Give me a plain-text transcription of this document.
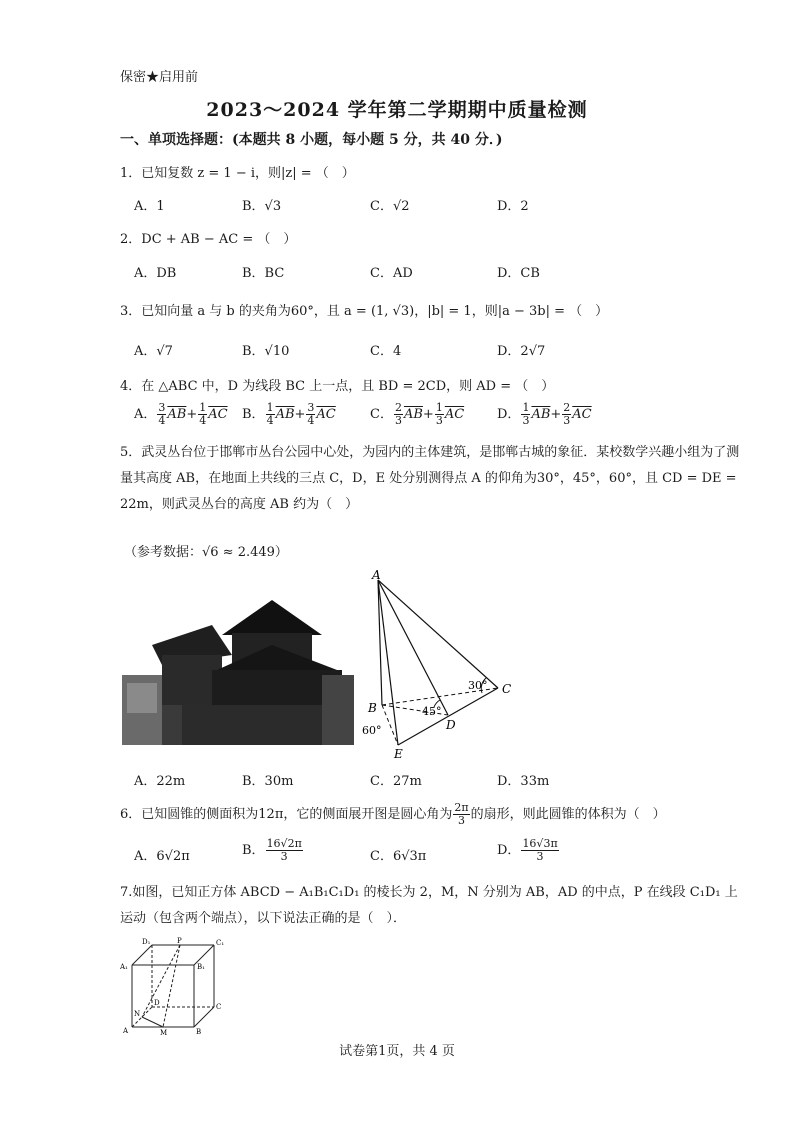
保密★启用前
2023～2024 学年第二学期期中质量检测
一、单项选择题：(本题共 8 小题，每小题 5 分，共 40 分．)
1．已知复数 z = 1 − i，则|z| = （　）
A．1	B．√3	C．√2	D．2
2．DC + AB − AC = （　）
A．DB	B．BC	C．AD	D．CB
3．已知向量 a 与 b 的夹角为60°，且 a = (1, √3)，|b| = 1，则|a − 3b| = （　）
A．√7	B．√10	C．4	D．2√7
4．在 △ABC 中，D 为线段 BC 上一点，且 BD = 2CD，则 AD = （　）
A． $\frac{3}{4} \overline{AB}+ \frac{1}{4} \overline{AC}$ B． $\frac{1}{4} \overline{AB}+ \frac{3}{4} \overline{AC}$	C． $\frac{2}{3} \overline{AB}+ \frac{1}{3} \overline{AC}$	D． $\frac{1}{3} \overline{AB}+ \frac{2}{3} \overline{AC}$
5．武灵丛台位于邯郸市丛台公园中心处，为园内的主体建筑，是邯郸古城的象征．某校数学兴趣小组为了测量其高度 AB，在地面上共线的三点 C，D，E 处分别测得点 A 的仰角为30°，45°，60°，且 CD = DE = 22m，则武灵丛台的高度 AB 约为（　）
（参考数据：√6 ≈ 2.449）
A
B
C
D
E
30°
45°
60°
A．22m	B．30m	C．27m	D．33m
6．已知圆锥的侧面积为12π，它的侧面展开图是圆心角为 $\frac{2\pi}{3}$ 的扇形，则此圆锥的体积为（　）
A．6√2π	B． $\frac{16√2\pi}{3}$	C．6√3π	D． $\frac{16√3\pi}{3}$
7.如图，已知正方体 ABCD − A₁B₁C₁D₁ 的棱长为 2，M，N 分别为 AB，AD 的中点，P 在线段 C₁D₁ 上运动（包含两个端点），以下说法正确的是（　）．
D₁	P	C₁
A₁	B₁
D	C
N
A	M	B
试卷第1页，共 4 页
